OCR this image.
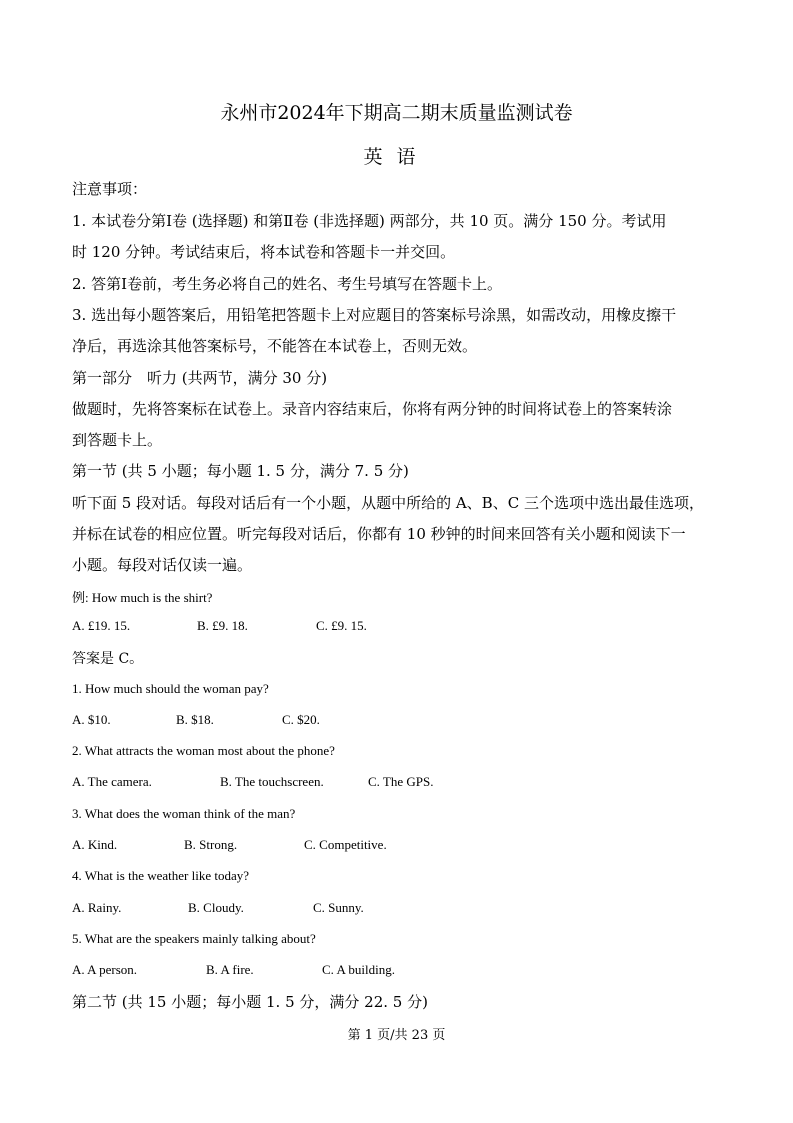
永州市2024年下期高二期末质量监测试卷
英语
注意事项：
1. 本试卷分第Ⅰ卷 (选择题) 和第Ⅱ卷 (非选择题) 两部分，共 10 页。满分 150 分。考试用
时 120 分钟。考试结束后，将本试卷和答题卡一并交回。
2. 答第Ⅰ卷前，考生务必将自己的姓名、考生号填写在答题卡上。
3. 选出每小题答案后，用铅笔把答题卡上对应题目的答案标号涂黑，如需改动，用橡皮擦干
净后，再选涂其他答案标号，不能答在本试卷上，否则无效。
第一部分　听力 (共两节，满分 30 分)
做题时，先将答案标在试卷上。录音内容结束后，你将有两分钟的时间将试卷上的答案转涂
到答题卡上。
第一节 (共 5 小题；每小题 1. 5 分，满分 7. 5 分)
听下面 5 段对话。每段对话后有一个小题，从题中所给的 A、B、C 三个选项中选出最佳选项，
并标在试卷的相应位置。听完每段对话后，你都有 10 秒钟的时间来回答有关小题和阅读下一
小题。每段对话仅读一遍。
例: How much is the shirt?
A. £19. 15.	B. £9. 18.	C. £9. 15.
答案是 C。
1. How much should the woman pay?
A. $10.	B. $18.	C. $20.
2. What attracts the woman most about the phone?
A. The camera.	B. The touchscreen.	C. The GPS.
3. What does the woman think of the man?
A. Kind.	B. Strong.	C. Competitive.
4. What is the weather like today?
A. Rainy.	B. Cloudy.	C. Sunny.
5. What are the speakers mainly talking about?
A. A person.	B. A fire.	C. A building.
第二节 (共 15 小题；每小题 1. 5 分，满分 22. 5 分)
第 1 页/共 23 页
